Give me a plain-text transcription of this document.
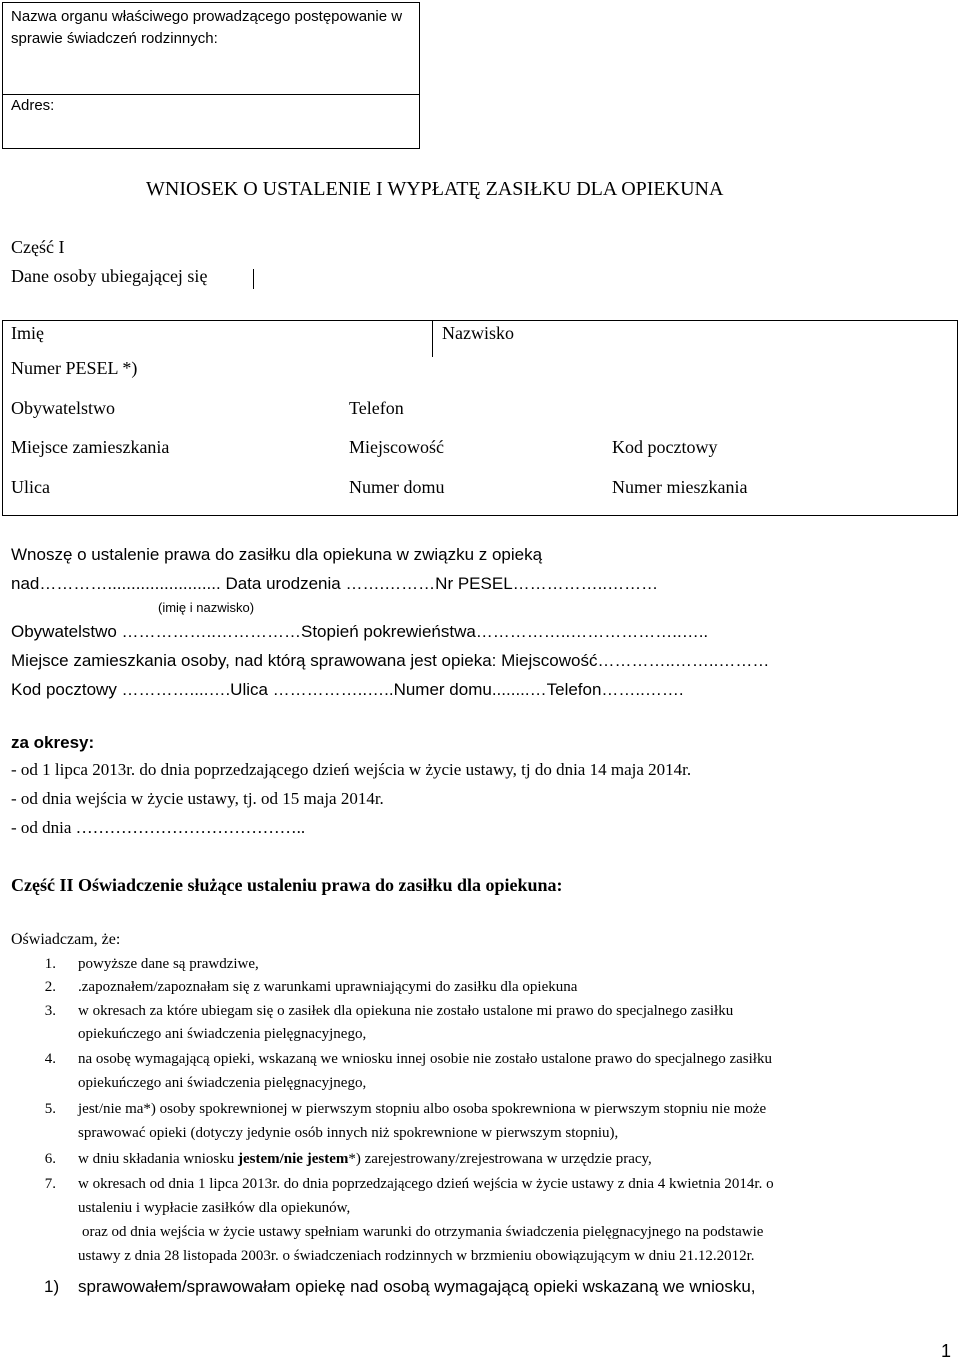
Nazwa organu właściwego prowadzącego postępowanie w sprawie świadczeń rodzinnych:
Adres:
WNIOSEK O USTALENIE I WYPŁATĘ ZASIŁKU DLA OPIEKUNA
Część I
Dane osoby ubiegającej się
Imię	Nazwisko
Numer PESEL *)
Obywatelstwo	Telefon
Miejsce zamieszkania	Miejscowość	Kod pocztowy
Ulica	Numer domu	Numer mieszkania
Wnoszę o ustalenie prawa do zasiłku dla opiekuna w związku z opieką
nad…………........................ Data urodzenia …….………Nr PESEL……………..………
(imię i nazwisko)
Obywatelstwo ……………..……………Stopień pokrewieństwa……………..………………..…..
Miejsce zamieszkania osoby, nad którą sprawowana jest opieka: Miejscowość…………..……..………
Kod pocztowy …………....….Ulica ……………..…..Numer domu........…Telefon……..…….
za okresy:
- od 1 lipca 2013r. do dnia poprzedzającego dzień wejścia w życie ustawy, tj do dnia 14 maja 2014r.
- od dnia wejścia w życie ustawy, tj. od 15 maja 2014r.
- od dnia …………………………………..
Część II Oświadczenie służące ustaleniu prawa do zasiłku dla opiekuna:
Oświadczam, że:
1. powyższe dane są prawdziwe,
2. .zapoznałem/zapoznałam się z warunkami uprawniającymi do zasiłku dla opiekuna
3. w okresach za które ubiegam się o zasiłek dla opiekuna nie zostało ustalone mi prawo do specjalnego zasiłku
opiekuńczego ani świadczenia pielęgnacyjnego,
4. na osobę wymagającą opieki, wskazaną we wniosku innej osobie nie zostało ustalone prawo do specjalnego zasiłku
opiekuńczego ani świadczenia pielęgnacyjnego,
5. jest/nie ma*) osoby spokrewnionej w pierwszym stopniu albo osoba spokrewniona w pierwszym stopniu nie może
sprawować opieki (dotyczy jedynie osób innych niż spokrewnione w pierwszym stopniu),
6. w dniu składania wniosku jestem/nie jestem*) zarejestrowany/zrejestrowana w urzędzie pracy,
7. w okresach od dnia 1 lipca 2013r. do dnia poprzedzającego dzień wejścia w życie ustawy z dnia 4 kwietnia 2014r. o
ustaleniu i wypłacie zasiłków dla opiekunów,
oraz od dnia wejścia w życie ustawy spełniam warunki do otrzymania świadczenia pielęgnacyjnego na podstawie
ustawy z dnia 28 listopada 2003r. o świadczeniach rodzinnych w brzmieniu obowiązującym w dniu 21.12.2012r.
1) sprawowałem/sprawowałam opiekę nad osobą wymagającą opieki wskazaną we wniosku,
1
